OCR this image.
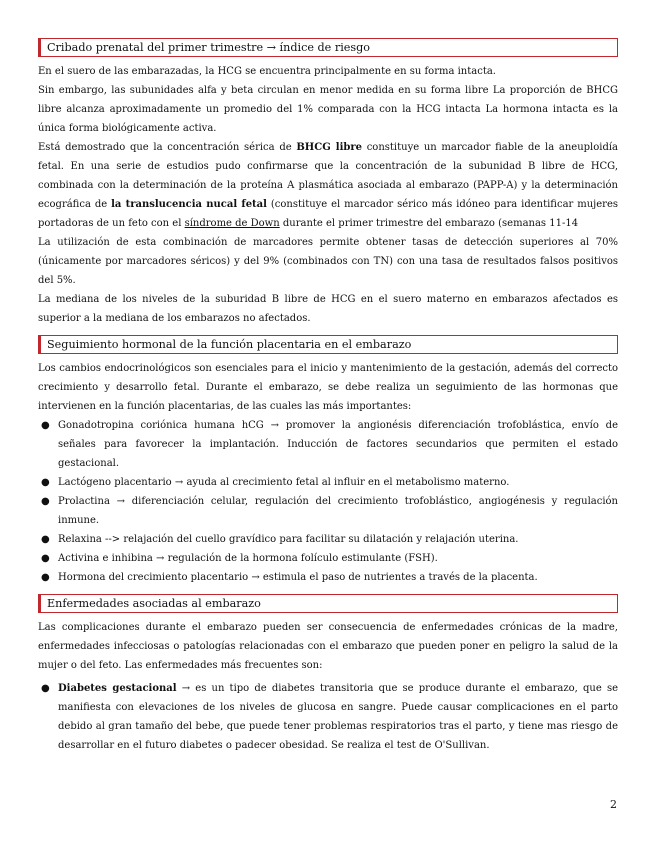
Cribado prenatal del primer trimestre → índice de riesgo

En el suero de las embarazadas, la HCG se encuentra principalmente en su forma intacta.

Sin embargo, las subunidades alfa y beta circulan en menor medida en su forma libre La proporción de BHCG libre alcanza aproximadamente un promedio del 1% comparada con la HCG intacta La hormona intacta es la única forma biológicamente activa.

Está demostrado que la concentración sérica de BHCG libre constituye un marcador fiable de la aneuploidía fetal. En una serie de estudios pudo confirmarse que la concentración de la subunidad B libre de HCG, combinada con la determinación de la proteína A plasmática asociada al embarazo (PAPP-A) y la determinación ecográfica de la translucencia nucal fetal (constituye el marcador sérico más idóneo para identificar mujeres portadoras de un feto con el síndrome de Down durante el primer trimestre del embarazo (semanas 11-14

La utilización de esta combinación de marcadores permite obtener tasas de detección superiores al 70% (únicamente por marcadores séricos) y del 9% (combinados con TN) con una tasa de resultados falsos positivos del 5%.

La mediana de los niveles de la suburidad B libre de HCG en el suero materno en embarazos afectados es superior a la mediana de los embarazos no afectados.

Seguimiento hormonal de la función placentaria en el embarazo

Los cambios endocrinológicos son esenciales para el inicio y mantenimiento de la gestación, además del correcto crecimiento y desarrollo fetal. Durante el embarazo, se debe realiza un seguimiento de las hormonas que intervienen en la función placentarias, de las cuales las más importantes:

● Gonadotropina coriónica humana hCG → promover la angionésis diferenciación trofoblástica, envío de señales para favorecer la implantación. Inducción de factores secundarios que permiten el estado gestacional.
● Lactógeno placentario → ayuda al crecimiento fetal al influir en el metabolismo materno.
● Prolactina → diferenciación celular, regulación del crecimiento trofoblástico, angiogénesis y regulación inmune.
● Relaxina --> relajación del cuello gravídico para facilitar su dilatación y relajación uterina.
● Activina e inhibina → regulación de la hormona folículo estimulante (FSH).
● Hormona del crecimiento placentario → estimula el paso de nutrientes a través de la placenta.
Enfermedades asociadas al embarazo

Las complicaciones durante el embarazo pueden ser consecuencia de enfermedades crónicas de la madre, enfermedades infecciosas o patologías relacionadas con el embarazo que pueden poner en peligro la salud de la mujer o del feto. Las enfermedades más frecuentes son:

● Diabetes gestacional → es un tipo de diabetes transitoria que se produce durante el embarazo, que se manifiesta con elevaciones de los niveles de glucosa en sangre. Puede causar complicaciones en el parto debido al gran tamaño del bebe, que puede tener problemas respiratorios tras el parto, y tiene mas riesgo de desarrollar en el futuro diabetes o padecer obesidad. Se realiza el test de O'Sullivan.
2
